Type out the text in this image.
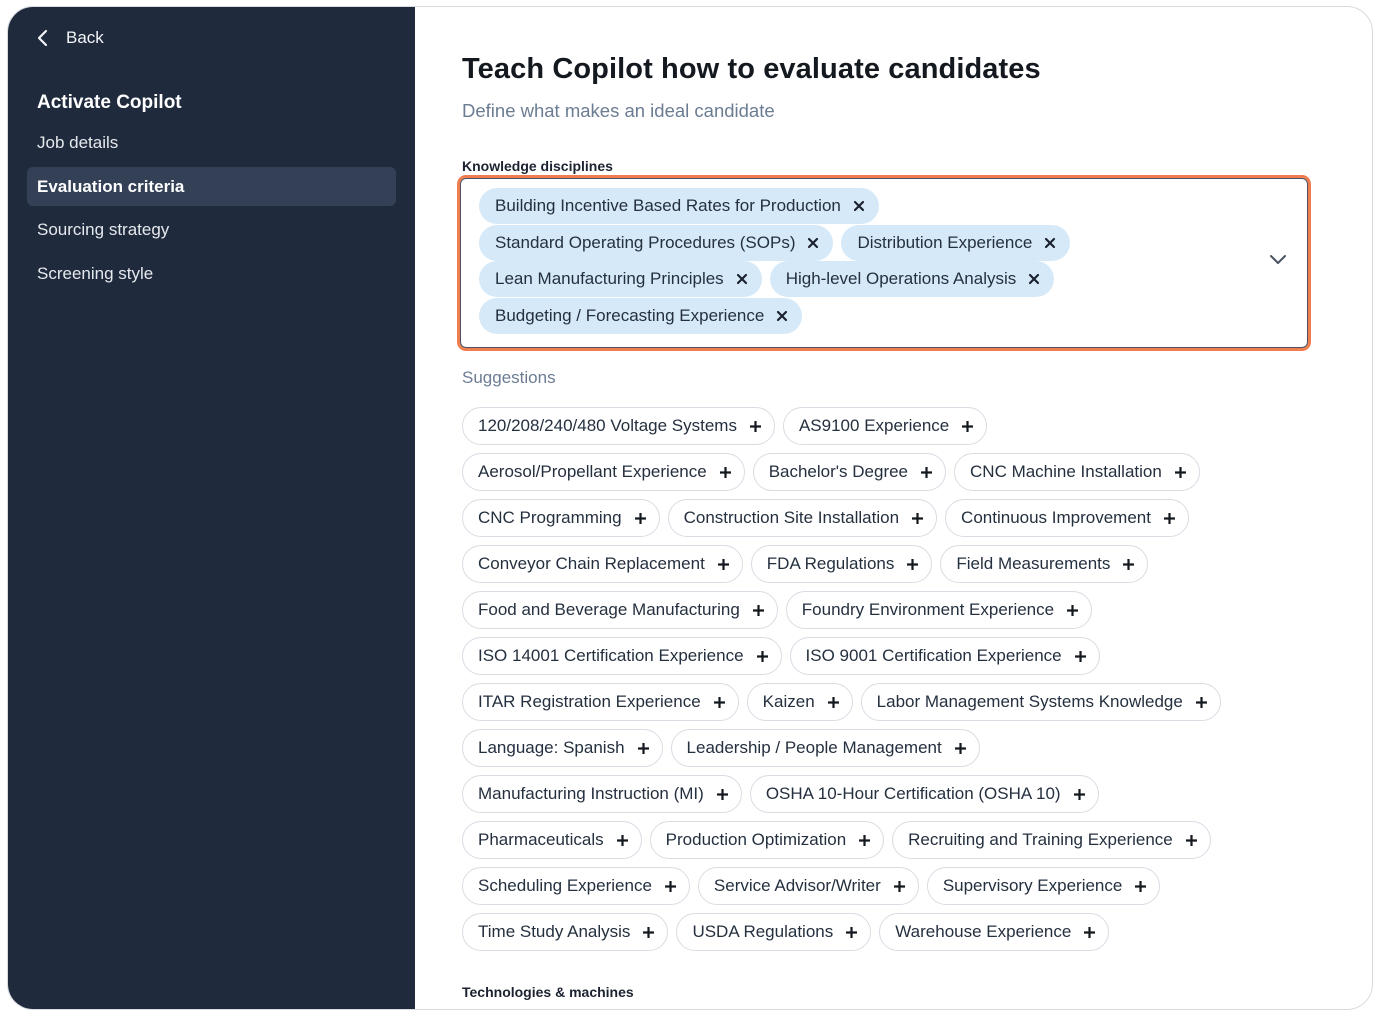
Back
Activate Copilot
Job details
Evaluation criteria
Sourcing strategy
Screening style
Teach Copilot how to evaluate candidates
Define what makes an ideal candidate
Knowledge disciplines
Building Incentive Based Rates for Production
Standard Operating Procedures (SOPs)	Distribution Experience
Lean Manufacturing Principles	High-level Operations Analysis
Budgeting / Forecasting Experience
Suggestions
120/208/240/480 Voltage Systems	AS9100 Experience
Aerosol/Propellant Experience	Bachelor's Degree	CNC Machine Installation
CNC Programming	Construction Site Installation	Continuous Improvement
Conveyor Chain Replacement	FDA Regulations	Field Measurements
Food and Beverage Manufacturing	Foundry Environment Experience
ISO 14001 Certification Experience	ISO 9001 Certification Experience
ITAR Registration Experience	Kaizen	Labor Management Systems Knowledge
Language: Spanish	Leadership / People Management
Manufacturing Instruction (MI)	OSHA 10-Hour Certification (OSHA 10)
Pharmaceuticals	Production Optimization	Recruiting and Training Experience
Scheduling Experience	Service Advisor/Writer	Supervisory Experience
Time Study Analysis	USDA Regulations	Warehouse Experience
Technologies & machines
